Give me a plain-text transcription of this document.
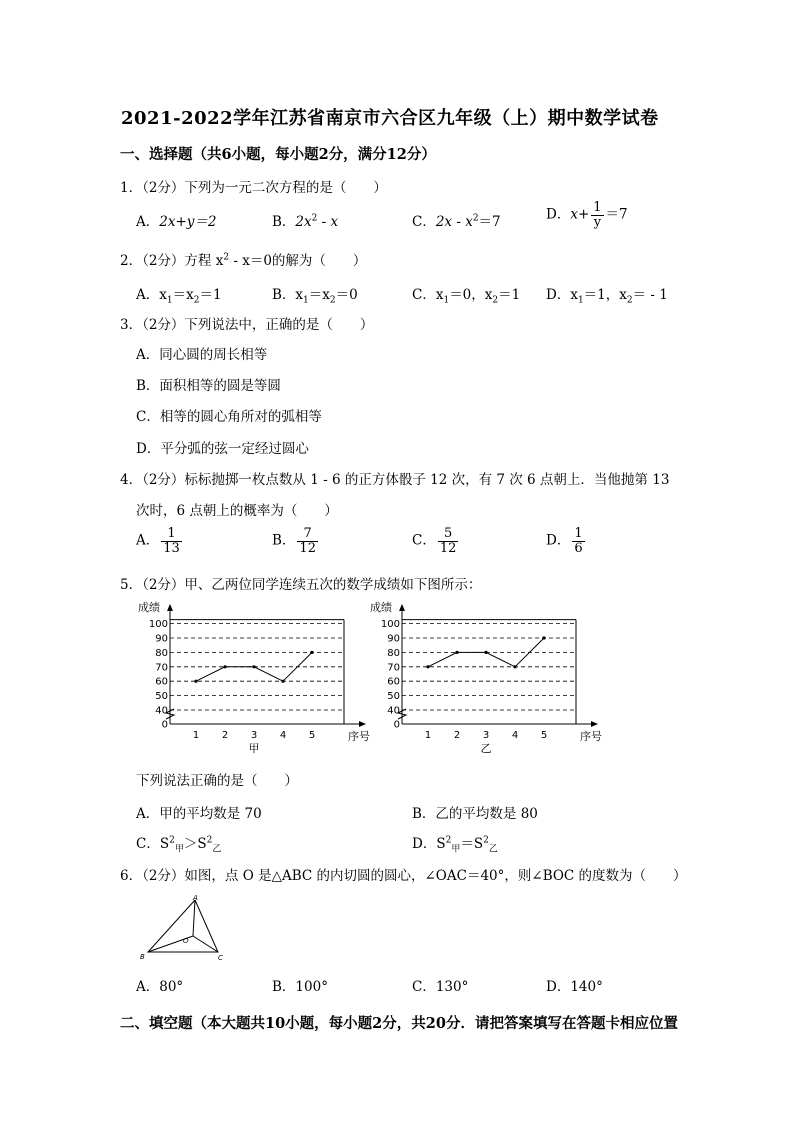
2021-2022学年江苏省南京市六合区九年级（上）期中数学试卷
一、选择题（共6小题，每小题2分，满分12分）
1．（2分）下列为一元二次方程的是（　　）
A．2x+y＝2	B．$2x^2$ - x	C．$2x - x^2=7$	D．$x+ \frac{1}{y} =7$
2．（2分）方程 $x^2 - x=0$的解为（　　）
A．$x_1=x_2=1$	B．$x_1=x_2=0$	C．$x_1=0$，$x_2=1$ D．$x_1=1$，$x_2= - 1$
3．（2分）下列说法中，正确的是（　　）
A．同心圆的周长相等
B．面积相等的圆是等圆
C．相等的圆心角所对的弧相等
D．平分弧的弦一定经过圆心
4．（2分）标标抛掷一枚点数从 1 - 6 的正方体骰子 12 次，有 7 次 6 点朝上．当他抛第 13
次时，6 点朝上的概率为（　　）
A． $\frac{1}{13}$	B． $\frac{7}{12}$	C． $\frac{5}{12}$	D． $\frac{1}{6}$
5．（2分）甲、乙两位同学连续五次的数学成绩如下图所示：
0
40
50
60
70
80
90
100
1 2 3 4 5
成绩
序号
甲
0
40
50
60
70
80
90
100
1 2 3 4 5
成绩
序号
乙
下列说法正确的是（　　）
A．甲的平均数是 70	B．乙的平均数是 80
C．$S^2_甲>S^2_乙$	D．$S^2_甲=S^2_乙$
6．（2分）如图，点 O 是△ABC 的内切圆的圆心，∠OAC＝40°，则∠BOC 的度数为（　　）
A
B	C
O
A．80°	B．100°	C．130°	D．140°
二、填空题（本大题共10小题，每小题2分，共20分．请把答案填写在答题卡相应位置
